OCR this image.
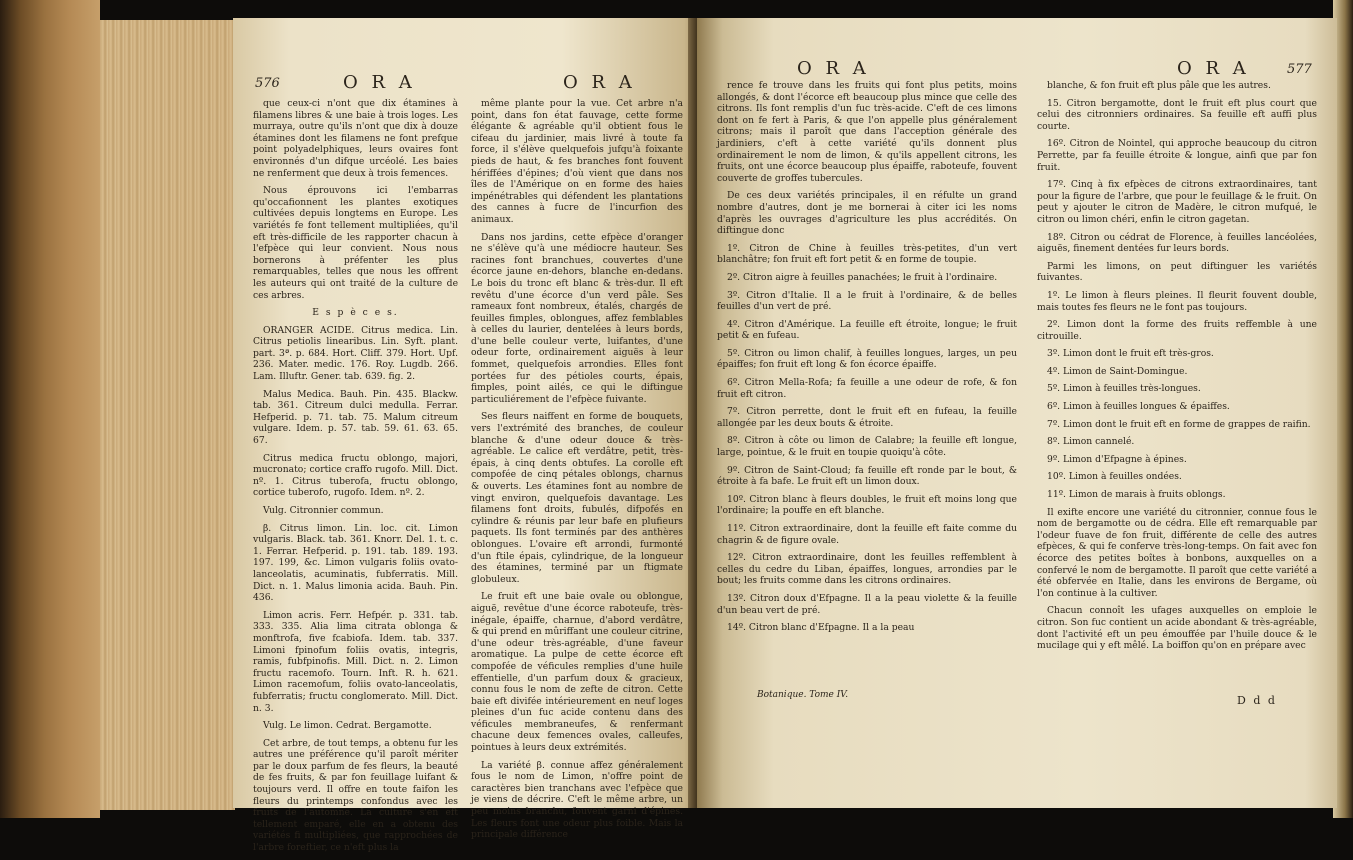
576	O R A	O R A

que ceux-ci n'ont que dix étamines à filamens libres & une baie à trois loges. Les murraya, outre qu'ils n'ont que dix à douze étamines dont les filamens ne font prefque point polyadelphiques, leurs ovaires font environnés d'un difque urcéolé. Les baies ne renferment que deux à trois femences.

Nous éprouvons ici l'embarras qu'occafionnent les plantes exotiques cultivées depuis longtems en Europe. Les variétés fe font tellement multipliées, qu'il eft très-difficile de les rapporter chacun à l'efpèce qui leur convient. Nous nous bornerons à préfenter les plus remarquables, telles que nous les offrent les auteurs qui ont traité de la culture de ces arbres.

E s p è c e s.

ORANGER ACIDE. Citrus medica. Lin. Citrus petiolis linearibus. Lin. Syft. plant. part. 3ª. p. 684. Hort. Cliff. 379. Hort. Upf. 236. Mater. medic. 176. Roy. Lugdb. 266. Lam. Illuftr. Gener. tab. 639. fig. 2.

Malus Medica. Bauh. Pin. 435. Blackw. tab. 361. Citreum dulci medulla. Ferrar. Hefperid. p. 71. tab. 75. Malum citreum vulgare. Idem. p. 57. tab. 59. 61. 63. 65. 67.

Citrus medica fructu oblongo, majori, mucronato; cortice craffo rugofo. Mill. Dict. nº. 1. Citrus tuberofa, fructu oblongo, cortice tuberofo, rugofo. Idem. nº. 2.

Vulg. Citronnier commun.

β. Citrus limon. Lin. loc. cit. Limon vulgaris. Black. tab. 361. Knorr. Del. 1. t. c. 1. Ferrar. Hefperid. p. 191. tab. 189. 193. 197. 199, &c. Limon vulgaris foliis ovato-lanceolatis, acuminatis, fubferratis. Mill. Dict. n. 1. Malus limonia acida. Bauh. Pin. 436.

Limon acris. Ferr. Hefpér. p. 331. tab. 333. 335. Alia lima citrata oblonga & monftrofa, five fcabiofa. Idem. tab. 337. Limoni fpinofum foliis ovatis, integris, ramis, fubfpinofis. Mill. Dict. n. 2. Limon fructu racemofo. Tourn. Inft. R. h. 621. Limon racemofum, foliis ovato-lanceolatis, fubferratis; fructu conglomerato. Mill. Dict. n. 3.

Vulg. Le limon. Cedrat. Bergamotte.

Cet arbre, de tout temps, a obtenu fur les autres une préférence qu'il paroît mériter par le doux parfum de fes fleurs, la beauté de fes fruits, & par fon feuillage luifant & toujours verd. Il offre en toute faifon les fleurs du printemps confondus avec les fruits de l'automne. La culture s'en eft tellement emparé, elle en a obtenu des variétés fi multipliées, que rapprochées de l'arbre foreftier, ce n'eft plus la

même plante pour la vue. Cet arbre n'a point, dans fon état fauvage, cette forme élégante & agréable qu'il obtient fous le cifeau du jardinier, mais livré à toute fa force, il s'élève quelquefois jufqu'à foixante pieds de haut, & fes branches font fouvent hériffées d'épines; d'où vient que dans nos îles de l'Amérique on en forme des haies impénétrables qui défendent les plantations des cannes à fucre de l'incurfion des animaux.

Dans nos jardins, cette efpèce d'oranger ne s'élève qu'à une médiocre hauteur. Ses racines font branchues, couvertes d'une écorce jaune en-dehors, blanche en-dedans. Le bois du tronc eft blanc & très-dur. Il eft revêtu d'une écorce d'un verd pâle. Ses rameaux font nombreux, étalés, chargés de feuilles fimples, oblongues, affez femblables à celles du laurier, dentelées à leurs bords, d'une belle couleur verte, luifantes, d'une odeur forte, ordinairement aiguës à leur fommet, quelquefois arrondies. Elles font portées fur des pétioles courts, épais, fimples, point ailés, ce qui le diftingue particuliérement de l'efpèce fuivante.

Ses fleurs naiffent en forme de bouquets, vers l'extrémité des branches, de couleur blanche & d'une odeur douce & très-agréable. Le calice eft verdâtre, petit, très-épais, à cinq dents obtufes. La corolle eft compofée de cinq pétales oblongs, charnus & ouverts. Les étamines font au nombre de vingt environ, quelquefois davantage. Les filamens font droits, fubulés, difpofés en cylindre & réunis par leur bafe en plufieurs paquets. Ils font terminés par des anthères oblongues. L'ovaire eft arrondi, furmonté d'un ftile épais, cylindrique, de la longueur des étamines, terminé par un ftigmate globuleux.

Le fruit eft une baie ovale ou oblongue, aiguë, revêtue d'une écorce raboteufe, très-inégale, épaiffe, charnue, d'abord verdâtre, & qui prend en mûriffant une couleur citrine, d'une odeur très-agréable, d'une faveur aromatique. La pulpe de cette écorce eft compofée de véficules remplies d'une huile effentielle, d'un parfum doux & gracieux, connu fous le nom de zefte de citron. Cette baie eft divifée intérieurement en neuf loges pleines d'un fuc acide contenu dans des véficules membraneufes, & renfermant chacune deux femences ovales, calleufes, pointues à leurs deux extrémités.

La variété β. connue affez généralement fous le nom de Limon, n'offre point de caractères bien tranchans avec l'efpèce que je viens de décrire. C'eft le même arbre, un peu moins branchu, fouvent garni d'épines. Les fleurs font une odeur plus foible. Mais la principale différence

O R A	O R A	577

rence fe trouve dans les fruits qui font plus petits, moins allongés, & dont l'écorce eft beaucoup plus mince que celle des citrons. Ils font remplis d'un fuc très-acide. C'eft de ces limons dont on fe fert à Paris, & que l'on appelle plus généralement citrons; mais il paroît que dans l'acception générale des jardiniers, c'eft à cette variété qu'ils donnent plus ordinairement le nom de limon, & qu'ils appellent citrons, les fruits, ont une écorce beaucoup plus épaiffe, raboteufe, fouvent couverte de groffes tubercules.

De ces deux variétés principales, il en réfulte un grand nombre d'autres, dont je me bornerai à citer ici les noms d'après les ouvrages d'agriculture les plus accrédités. On diftingue donc

1º. Citron de Chine à feuilles très-petites, d'un vert blanchâtre; fon fruit eft fort petit & en forme de toupie.

2º. Citron aigre à feuilles panachées; le fruit à l'ordinaire.

3º. Citron d'Italie. Il a le fruit à l'ordinaire, & de belles feuilles d'un vert de pré.

4º. Citron d'Amérique. La feuille eft étroite, longue; le fruit petit & en fufeau.

5º. Citron ou limon chalif, à feuilles longues, larges, un peu épaiffes; fon fruit eft long & fon écorce épaiffe.

6º. Citron Mella-Rofa; fa feuille a une odeur de rofe, & fon fruit eft citron.

7º. Citron perrette, dont le fruit eft en fufeau, la feuille allongée par les deux bouts & étroite.

8º. Citron à côte ou limon de Calabre; la feuille eft longue, large, pointue, & le fruit en toupie quoiqu'à côte.

9º. Citron de Saint-Cloud; fa feuille eft ronde par le bout, & étroite à fa bafe. Le fruit eft un limon doux.

10º. Citron blanc à fleurs doubles, le fruit eft moins long que l'ordinaire; la pouffe en eft blanche.

11º. Citron extraordinaire, dont la feuille eft faite comme du chagrin & de figure ovale.

12º. Citron extraordinaire, dont les feuilles reffemblent à celles du cedre du Liban, épaiffes, longues, arrondies par le bout; les fruits comme dans les citrons ordinaires.

13º. Citron doux d'Efpagne. Il a la peau violette & la feuille d'un beau vert de pré.

14º. Citron blanc d'Efpagne. Il a la peau

blanche, & fon fruit eft plus pâle que les autres.

15. Citron bergamotte, dont le fruit eft plus court que celui des citronniers ordinaires. Sa feuille eft auffi plus courte.

16º. Citron de Nointel, qui approche beaucoup du citron Perrette, par fa feuille étroite & longue, ainfi que par fon fruit.

17º. Cinq à fix efpèces de citrons extraordinaires, tant pour la figure de l'arbre, que pour le feuillage & le fruit. On peut y ajouter le citron de Madère, le citron mufqué, le citron ou limon chéri, enfin le citron gagetan.

18º. Citron ou cédrat de Florence, à feuilles lancéolées, aiguës, finement dentées fur leurs bords.

Parmi les limons, on peut diftinguer les variétés fuivantes.

1º. Le limon à fleurs pleines. Il fleurit fouvent double, mais toutes fes fleurs ne le font pas toujours.

2º. Limon dont la forme des fruits reffemble à une citrouille.

3º. Limon dont le fruit eft très-gros.

4º. Limon de Saint-Domingue.

5º. Limon à feuilles très-longues.

6º. Limon à feuilles longues & épaiffes.

7º. Limon dont le fruit eft en forme de grappes de raifin.

8º. Limon cannelé.

9º. Limon d'Efpagne à épines.

10º. Limon à feuilles ondées.

11º. Limon de marais à fruits oblongs.

Il exifte encore une variété du citronnier, connue fous le nom de bergamotte ou de cédra. Elle eft remarquable par l'odeur fuave de fon fruit, différente de celle des autres efpèces, & qui fe conferve très-long-temps. On fait avec fon écorce des petites boîtes à bonbons, auxquelles on a confervé le nom de bergamotte. Il paroît que cette variété a été obfervée en Italie, dans les environs de Bergame, où l'on continue à la cultiver.

Chacun connoît les ufages auxquelles on emploie le citron. Son fuc contient un acide abondant & très-agréable, dont l'activité eft un peu émouffée par l'huile douce & le mucilage qui y eft mêlé. La boiffon qu'on en prépare avec

Botanique. Tome IV.	D d d
